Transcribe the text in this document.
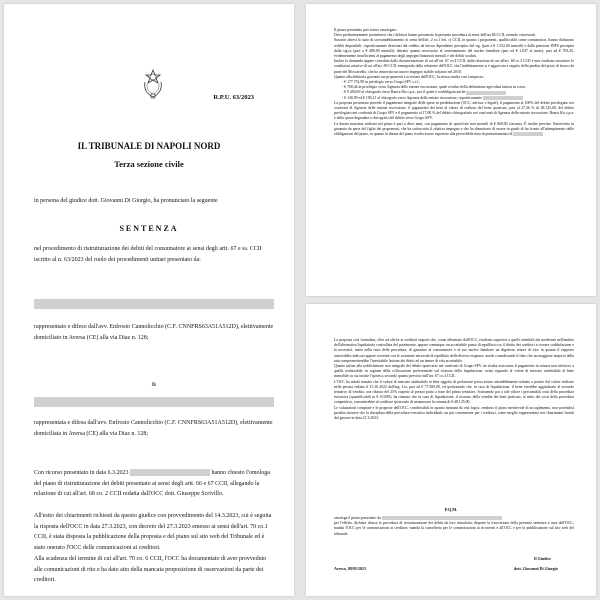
R.P.U. 63/2023
IL TRIBUNALE DI NAPOLI NORD
Terza sezione civile
in persona del giudice dott. Giovanni Di Giorgio, ha pronunciato la seguente
SENTENZA
nel procedimento di ristrutturazione dei debiti del consumatore ai sensi degli artt. 67 e ss. CCII iscritto al n. 63/2023 del ruolo dei procedimenti unitari presentato da:
rappresentato e difeso dall'avv. Enfrosio Cannolicchio (C.F. CNNFRS63A51A512D), elettivamente domiciliato in Aversa (CE) alla via Diaz n. 128;
&
rappresentata e difesa dall'avv. Enfrosio Cannolicchio (C.F. CNNFRS63A51A512D), elettivamente domiciliata in Aversa (CE) alla via Diaz n. 128;
Con ricorso presentato in data 6.3.2023	hanno chiesto l'omologa del piano di ristrutturazione dei debiti presentato ai sensi degli artt. 66 e 67 CCII, allegando la relazione di cui all'art. 68 co. 2 CCII redatta dall'OCC dott. Giuseppe Scrivillo.
All'esito dei chiarimenti richiesti da questo giudice con provvedimento del 14.3.2023, cui è seguita la risposta dell'OCC in data 27.3.2023, con decreto del 27.3.2023 emesso ai sensi dell'art. 70 co.1 CCII, è stata disposta la pubblicazione della proposta e del piano sul sito web del Tribunale ed è stato onerato l'OCC delle comunicazioni ai creditori.
Alla scadenza del termine di cui all'art. 70 co. 6 CCII, l'OCC ha documentato di aver provveduto alle comunicazioni di rito e ha dato atto della mancata proposizione di osservazioni da parte dei creditori.

Il piano presentato può essere omologato.

Deve preliminarmente premettersi che i debitori hanno presentato la presente procedura ai sensi dell'art 66 CCII, essendo conviventi.

Sussiste altresì lo stato di sovraindebitamento ai sensi dell'art. 2 co.1 lett. c) CCII, in quanto i proponenti, qualificabili come consumatori, hanno dichiarato redditi disponibili, rispettivamente derivanti dal reddito da lavoro dipendente percepito dal sig. (pari a € 1.552,00 mensili) e dalla pensione INPS percepita dalla sig.ra (pari a € 480,00 mensili); detratto quanto necessario al sostentamento del nucleo familiare (pari ad € 1.047 al mese), pari ad € 763,45, evidentemente insufficienti al pagamento degli impegni finanziari mensili e dei debiti scaduti.

Inoltre la domanda appare corredata dalla documentazione di cui all'art. 67 co.2 CCII, dalla relazione di cui all'art. 68 co.2 CCII e non risultano sussistere le condizioni ostative di cui all'art. 69 CCII, emergendo dalla relazione dell'OCC che l'indebitamento si è aggravato a seguito della perdita del posto di lavoro da parte del Moscariello, che ha rinnovato un nuovo impegno stabile soltanto nel 2018.

Quanto alla debitoria gravante sui proponenti e accertata dall'OCC, la stessa risulta così composta:

- € 177.752,90 in privilegio verso Grupo SPV s.r.l.;
- € 768,44 in privilegio verso Agenzia delle entrate riscossione, quale residuo della definizione agevolata tuttora in corso;
- € 9.494,00 al chirografo verso Banca Ifis s.p.a., per il quale è coobbligata anche
- € 140,99 ed € 190,21 al chirografo verso Agenzia delle entrate riscossione, rispettivamente

La proposta presentata prevede il pagamento integrale delle spese in prededuzione (OCC, advisor e legale), il pagamento al 100% del debito privilegiato nei confronti di Agenzia delle entrate riscossione, il pagamento dei beni al valore di realizzo del bene ipotecato, pari al 27,36 % di 48.125,00, del debito privilegiato nei confronti di Grupo SPV e il pagamento al 17,08 % del debito chirografario nei confronti di Agenzia delle entrate riscossione, Banca Ifis s.p.a. e della quota degradata a chirografo del debito verso Grupo SPV.

La durata massima indicata nel piano è pari a dieci anni, con pagamento di quote/rate non mensili di € 660,00 ciascuna. È inoltre previsto l'intervento in garanzia da parte del figlio dei proponenti, che ha sottoscritto il relativo impegno e che ha dimostrato di essere in grado di far fronte all'adempimento delle obbligazioni del piano, in quanto la durata del piano risulta essere superiore alla prevedibile data di pensionamento di

La proposta così formulata, oltre ad offrire ai creditori importi che, come affermato dall'OCC, risultano superiori a quelli ottenibili dai medesimi nell'ambito dell'alternativa liquidatoria controllata del patrimonio, appare comunque un accettabile punto di equilibrio tra il diritto dei creditori a trovare soddisfazione e la necessità, insita nella ratio della procedura, di garantire al consumatore e al suo nucleo familiare un dignitoso tenore di vita, in quanto il rapporto rata/reddito indicato appare coerente con le sostenute necessità di equilibrio delle diverse esigenze, anche considerando il fatto che un maggiore importo della rata comprometterebbe l'inevitabile lesione dei diritti ad un tenore di vita accettabile.

Quanto infine alla soddisfazione non integrale del debito ipotecario nei confronti di Grupo SPV, ne risulta assicurato il pagamento in misura non inferiore a quella realizzabile, in ragione della collocazione preferenziale sul ricavato della liquidazione, avuto riguardo al valore di mercato attribuibile al bene immobile su cui insiste l'ipoteca, secondo quanto previsto dall'art. 67 co.4 CCII.

L'OCC ha infatti stimato che il valore di mercato attribuibile ai beni oggetto di prelazione possa essere attendibilmente stimato a partire dal valore indicato nella perizia redatta il 15.10.2022 dall'ing. Lia, pari ad € 77.500,00, ed ipotizzando che, in caso di liquidazione, il bene verrebbe aggiudicato al secondo tentativo di vendita, con ribasso del 25% rispetto al prezzo posto a base del primo tentativo. Sottraendo poi a tale valore i presumibili costi della procedura esecutiva (quantificabili in € 10.000), ha ritenuto che in caso di liquidazione, il ricavato della vendita dei beni ipotecati, al netto dei costi della procedura competitiva, consentirebbe al creditore ipotecario di incamerare la somma di € 48.125,00.

Le valutazioni compiute e le proposte dell'OCC, condivisibili in quanto immuni da vizi logici, rendono il piano meritevole di accoglimento, non potendosi peraltro ritenere che la disciplina della procedura esecutiva individuale sia più conveniente per i creditori, come meglio rappresentato nei chiarimenti forniti dal gestore in data 21.3.2023.

P.Q.M.

omologa il piano presentato da

per l'effetto, dichiara chiusa la procedura di ristrutturazione dei debiti da loro introdotta; dispone la trascrizione della presente sentenza a cura dell'OCC; manda l'OCC per le comunicazioni ai creditori; manda la cancelleria per le comunicazioni ai ricorrenti e all'OCC e per la pubblicazione sul sito web del tribunale.

Il Giudice
Aversa, 08/05/2023	dott. Giovanni Di Giorgio
